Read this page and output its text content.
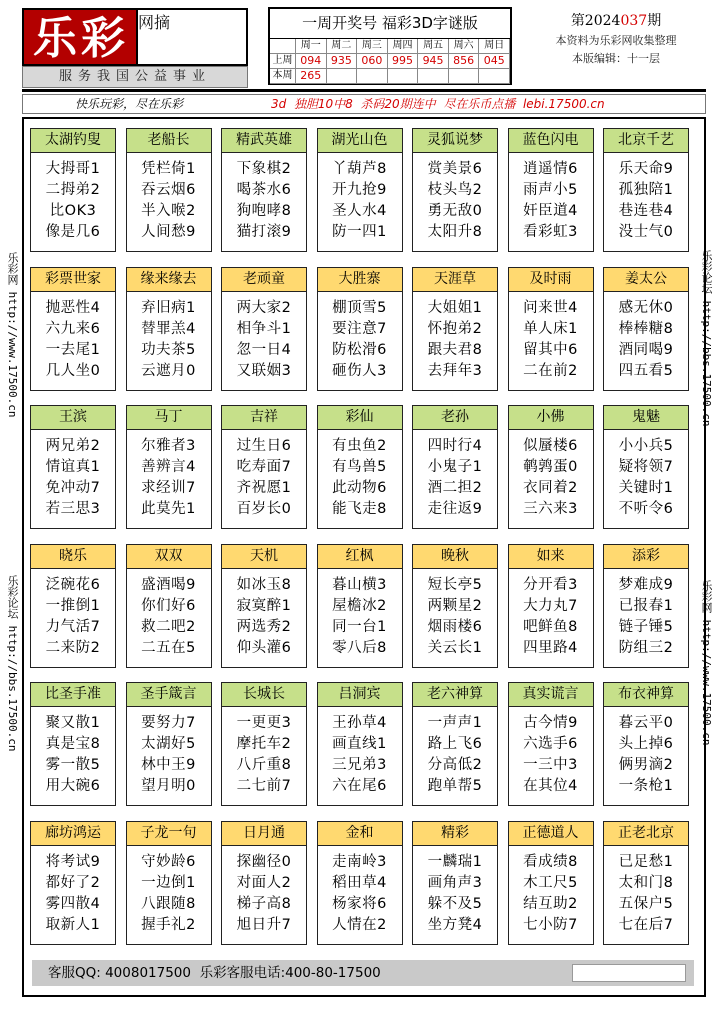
乐彩 网摘
服务我国公益事业
一周开奖号 福彩3D字谜版
周一	周二	周三	周四	周五	周六	周日
上周 094 935 060 995 945 856 045
本周 265
第2024037期
本资料为乐彩网收集整理
本版编辑：十一层
快乐玩彩，尽在乐彩	3d  独胆10中8  杀码20期连中  尽在乐币点播  lebi.17500.cn
乐彩网 http://www.17500.cn
乐彩论坛 http://bbs.17500.cn
乐彩论坛 http://bbs.17500.cn
乐彩网 http://www.17500.cn
太湖钓叟
大拇哥1
二拇弟2
比OK3
像是几6
老船长
凭栏倚1
吞云烟6
半入喉2
人间愁9
精武英雄
下象棋2
喝茶水6
狗咆哮8
猫打滚9
湖光山色
丫葫芦8
开九抢9
圣人水4
防一四1
灵狐说梦
赏美景6
枝头鸟2
勇无敌0
太阳升8
蓝色闪电
逍遥情6
雨声小5
奸臣道4
看彩虹3
北京千艺
乐天命9
孤独陪1
巷连巷4
没士气0
彩票世家
抛恶性4
六九来6
一去尾1
几人坐0
缘来缘去
弃旧病1
替罪羔4
功夫茶5
云遮月0
老顽童
两大家2
相争斗1
忽一日4
又联姻3
大胜寨
棚顶雪5
要注意7
防松滑6
砸伤人3
天涯草
大姐姐1
怀抱弟2
跟夫君8
去拜年3
及时雨
问来世4
单人床1
留其中6
二在前2
姜太公
感无休0
棒棒糖8
酒同喝9
四五看5
王滨
两兄弟2
情谊真1
免冲动7
若三思3
马丁
尔雅者3
善辨言4
求经训7
此莫先1
吉祥
过生日6
吃寿面7
齐祝愿1
百岁长0
彩仙
有虫鱼2
有鸟兽5
此动物6
能飞走8
老孙
四时行4
小鬼子1
酒二担2
走往返9
小佛
似蜃楼6
鹌鹑蛋0
衣同着2
三六来3
鬼魅
小小兵5
疑将领7
关键时1
不听令6
晓乐
泛碗花6
一推倒1
力气活7
二来防2
双双
盛酒喝9
你们好6
救二吧2
二五在5
天机
如冰玉8
寂寞醉1
两选秀2
仰头灌6
红枫
暮山横3
屋檐冰2
同一台1
零八后8
晚秋
短长亭5
两颗星2
烟雨楼6
关云长1
如来
分开看3
大力丸7
吧鲜鱼8
四里路4
添彩
梦难成9
已报春1
链子锤5
防组三2
比圣手准
聚又散1
真是宝8
雾一散5
用大碗6
圣手箴言
要努力7
太湖好5
林中王9
望月明0
长城长
一更更3
摩托车2
八斤重8
二七前7
吕洞宾
王孙草4
画直线1
三兄弟3
六在尾6
老六神算
一声声1
路上飞6
分高低2
跑单帮5
真实谎言
古今情9
六选手6
一三中3
在其位4
布衣神算
暮云平0
头上掉6
俩男滴2
一条枪1
廊坊鸿运
将考试9
都好了2
雾四散4
取新人1
子龙一句
守妙龄6
一边倒1
八跟随8
握手礼2
日月通
探幽径0
对面人2
梯子高8
旭日升7
金和
走南岭3
稻田草4
杨家将6
人情在2
精彩
一麟瑞1
画角声3
躲不及5
坐方凳4
正德道人
看成绩8
木工尺5
结互助2
七小防7
正老北京
已足愁1
太和门8
五保户5
七在后7
客服QQ: 4008017500  乐彩客服电话:400-80-17500
